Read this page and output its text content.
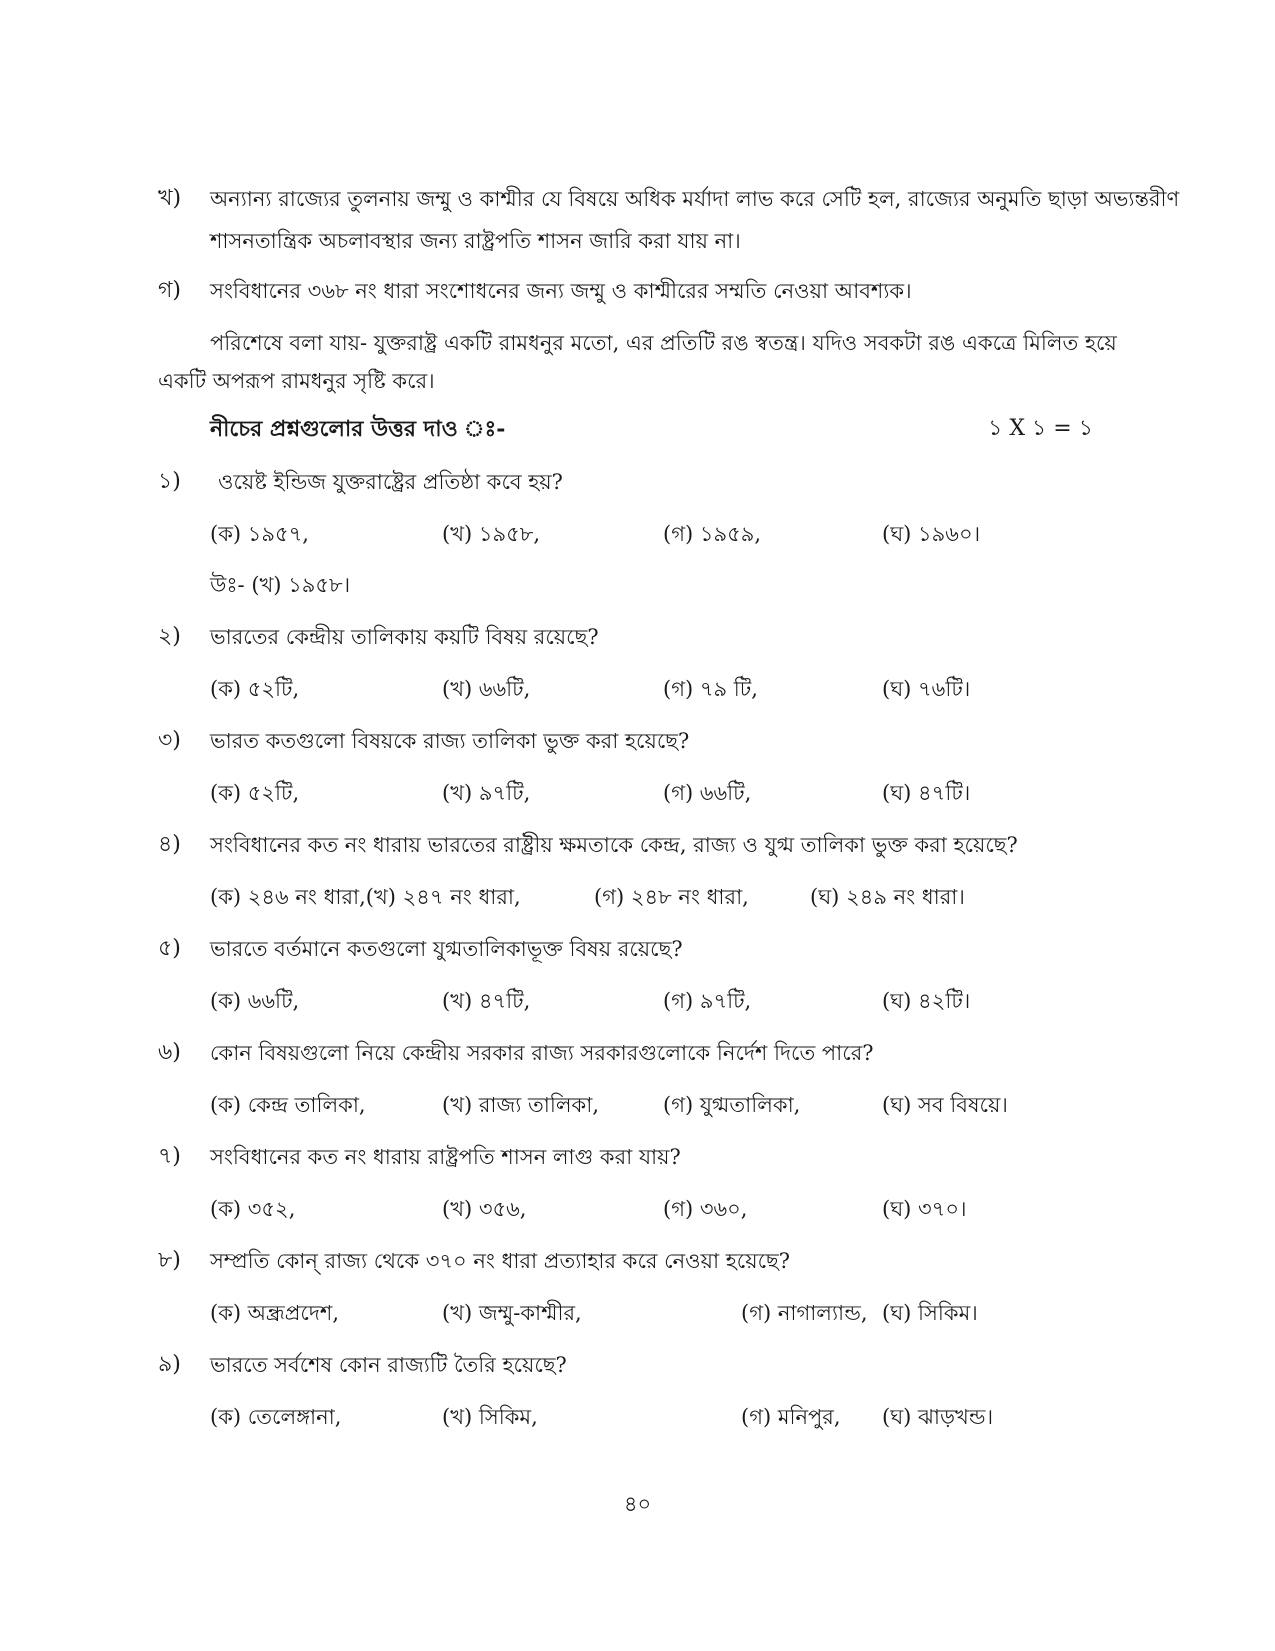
খ) অন্যান্য রাজ্যের তুলনায় জম্মু ও কাশ্মীর যে বিষয়ে অধিক মর্যাদা লাভ করে সেটি হল, রাজ্যের অনুমতি ছাড়া অভ্যন্তরীণ
শাসনতান্ত্রিক অচলাবস্থার জন্য রাষ্ট্রপতি শাসন জারি করা যায় না।
গ) সংবিধানের ৩৬৮ নং ধারা সংশোধনের জন্য জম্মু ও কাশ্মীরের সম্মতি নেওয়া আবশ্যক।
পরিশেষে বলা যায়- যুক্তরাষ্ট্র একটি রামধনুর মতো, এর প্রতিটি রঙ স্বতন্ত্র। যদিও সবকটা রঙ একত্রে মিলিত হয়ে
একটি অপরূপ রামধনুর সৃষ্টি করে।
নীচের প্রশ্নগুলোর উত্তর দাও ঃ-	১ X ১ = ১
১) ওয়েষ্ট ইন্ডিজ যুক্তরাষ্ট্রের প্রতিষ্ঠা কবে হয়?
(ক) ১৯৫৭,	(খ) ১৯৫৮,	(গ) ১৯৫৯,	(ঘ) ১৯৬০।
উঃ- (খ) ১৯৫৮।
২) ভারতের কেন্দ্রীয় তালিকায় কয়টি বিষয় রয়েছে?
(ক) ৫২টি,	(খ) ৬৬টি,	(গ) ৭৯ টি,	(ঘ) ৭৬টি।
৩) ভারত কতগুলো বিষয়কে রাজ্য তালিকা ভুক্ত করা হয়েছে?
(ক) ৫২টি,	(খ) ৯৭টি,	(গ) ৬৬টি,	(ঘ) ৪৭টি।
৪) সংবিধানের কত নং ধারায় ভারতের রাষ্ট্রীয় ক্ষমতাকে কেন্দ্র, রাজ্য ও যুগ্ম তালিকা ভুক্ত করা হয়েছে?
(ক) ২৪৬ নং ধারা,(খ) ২৪৭ নং ধারা,	(গ) ২৪৮ নং ধারা,	(ঘ) ২৪৯ নং ধারা।
৫) ভারতে বর্তমানে কতগুলো যুগ্মতালিকাভূক্ত বিষয় রয়েছে?
(ক) ৬৬টি,	(খ) ৪৭টি,	(গ) ৯৭টি,	(ঘ) ৪২টি।
৬) কোন বিষয়গুলো নিয়ে কেন্দ্রীয় সরকার রাজ্য সরকারগুলোকে নির্দেশ দিতে পারে?
(ক) কেন্দ্র তালিকা,	(খ) রাজ্য তালিকা,	(গ) যুগ্মতালিকা,	(ঘ) সব বিষয়ে।
৭) সংবিধানের কত নং ধারায় রাষ্ট্রপতি শাসন লাগু করা যায়?
(ক) ৩৫২,	(খ) ৩৫৬,	(গ) ৩৬০,	(ঘ) ৩৭০।
৮) সম্প্রতি কোন্ রাজ্য থেকে ৩৭০ নং ধারা প্রত্যাহার করে নেওয়া হয়েছে?
(ক) অন্ধ্রপ্রদেশ,	(খ) জম্মু-কাশ্মীর,	(গ) নাগাল্যান্ড, (ঘ) সিকিম।
৯) ভারতে সর্বশেষ কোন রাজ্যটি তৈরি হয়েছে?
(ক) তেলেঙ্গানা,	(খ) সিকিম,	(গ) মনিপুর, (ঘ) ঝাড়খন্ড।
৪০
